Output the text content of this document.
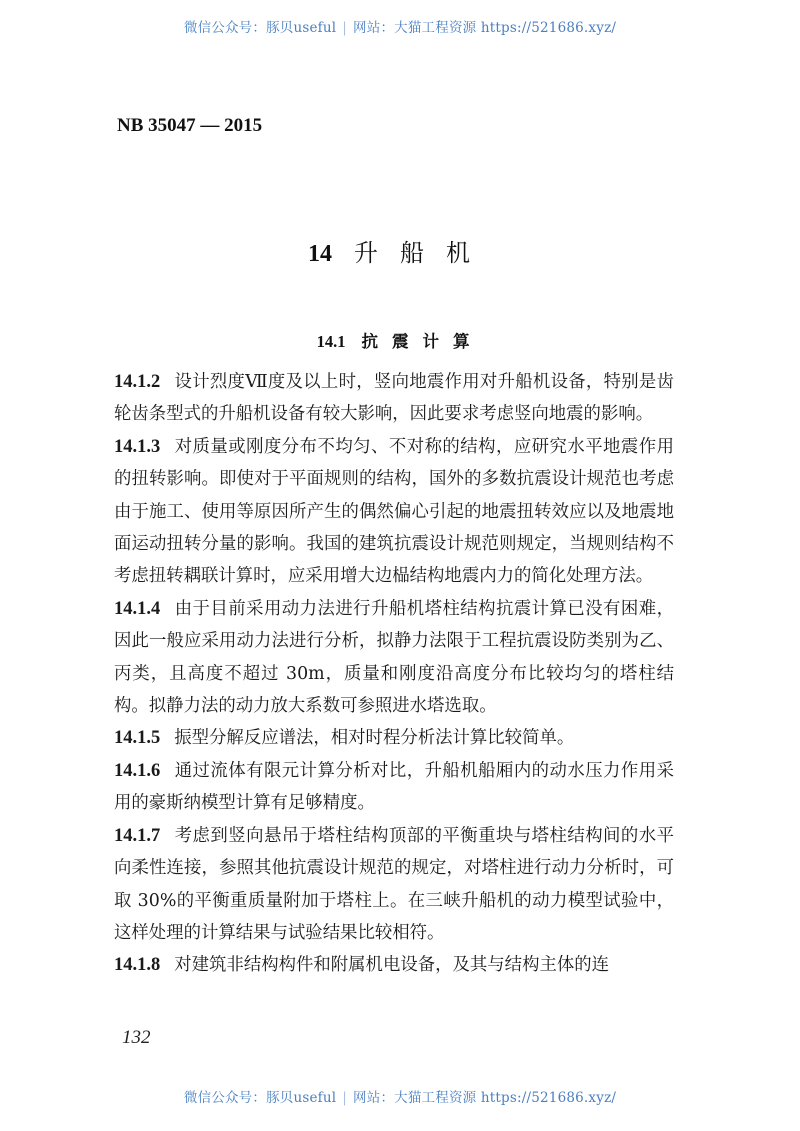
微信公众号：豚贝useful | 网站：大猫工程资源 https://521686.xyz/
NB 35047 — 2015
14 升船机
14.1 抗震计算

14.1.2 设计烈度Ⅶ度及以上时，竖向地震作用对升船机设备，特别是齿轮齿条型式的升船机设备有较大影响，因此要求考虑竖向地震的影响。

14.1.3 对质量或刚度分布不均匀、不对称的结构，应研究水平地震作用的扭转影响。即使对于平面规则的结构，国外的多数抗震设计规范也考虑由于施工、使用等原因所产生的偶然偏心引起的地震扭转效应以及地震地面运动扭转分量的影响。我国的建筑抗震设计规范则规定，当规则结构不考虑扭转耦联计算时，应采用增大边榀结构地震内力的简化处理方法。

14.1.4 由于目前采用动力法进行升船机塔柱结构抗震计算已没有困难，因此一般应采用动力法进行分析，拟静力法限于工程抗震设防类别为乙、丙类，且高度不超过 30m，质量和刚度沿高度分布比较均匀的塔柱结构。拟静力法的动力放大系数可参照进水塔选取。

14.1.5 振型分解反应谱法，相对时程分析法计算比较简单。

14.1.6 通过流体有限元计算分析对比，升船机船厢内的动水压力作用采用的豪斯纳模型计算有足够精度。

14.1.7 考虑到竖向悬吊于塔柱结构顶部的平衡重块与塔柱结构间的水平向柔性连接，参照其他抗震设计规范的规定，对塔柱进行动力分析时，可取 30%的平衡重质量附加于塔柱上。在三峡升船机的动力模型试验中，这样处理的计算结果与试验结果比较相符。

14.1.8 对建筑非结构构件和附属机电设备，及其与结构主体的连

132
微信公众号：豚贝useful | 网站：大猫工程资源 https://521686.xyz/
